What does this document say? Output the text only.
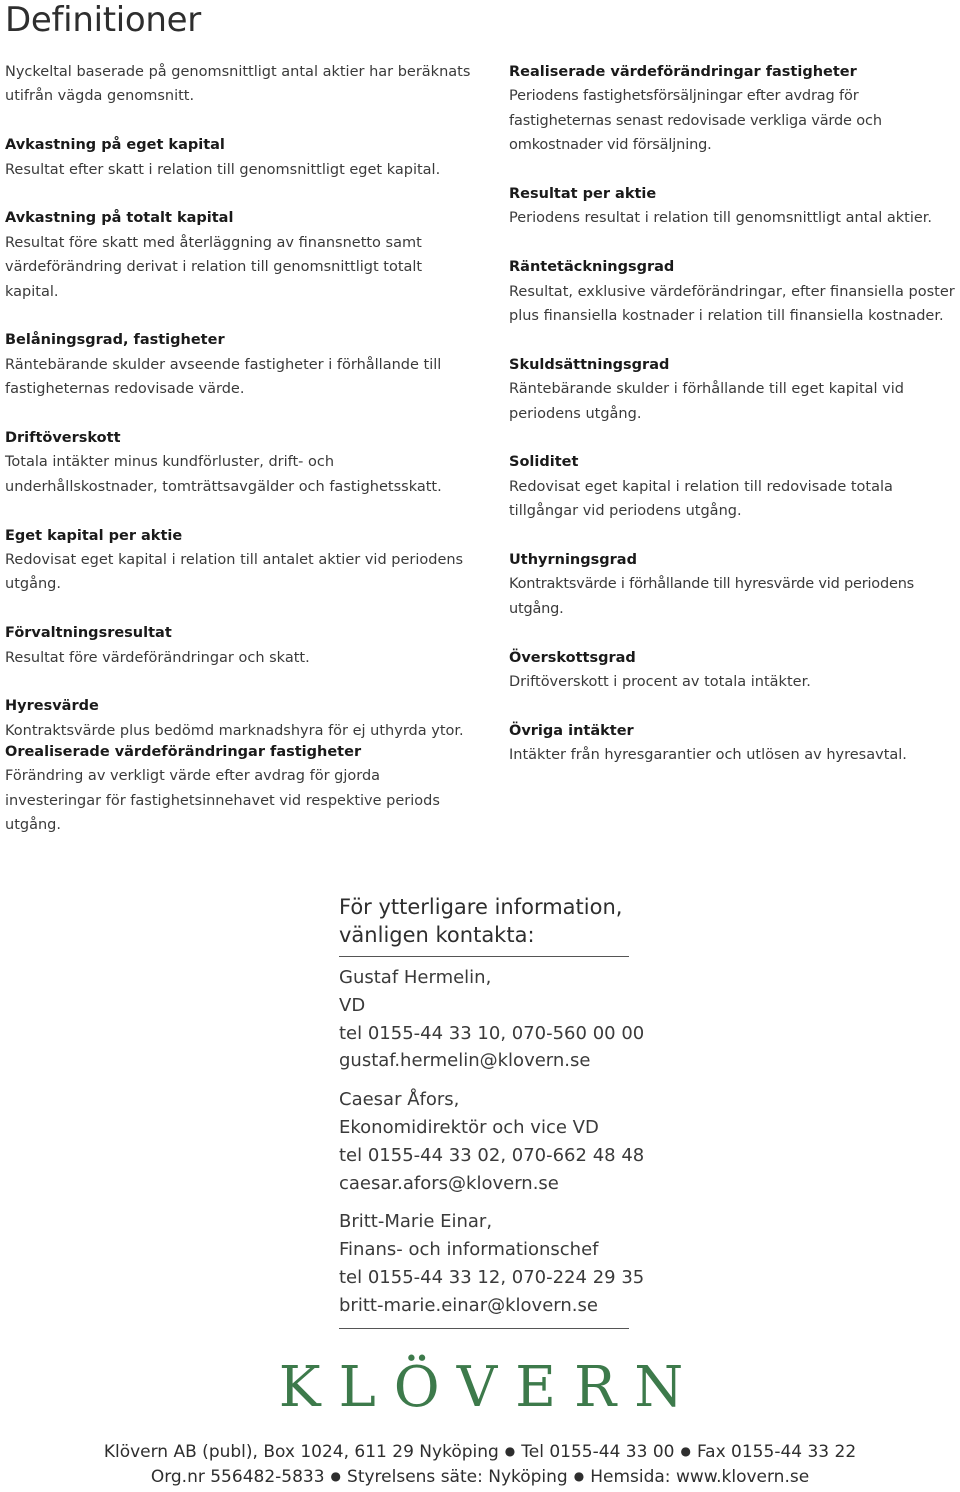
Definitioner

Nyckeltal baserade på genomsnittligt antal aktier har beräknats utifrån vägda genomsnitt.

Avkastning på eget kapital

Resultat efter skatt i relation till genomsnittligt eget kapital.

Avkastning på totalt kapital

Resultat före skatt med återläggning av finansnetto samt värdeförändring derivat i relation till genomsnittligt totalt kapital.

Belåningsgrad, fastigheter

Räntebärande skulder avseende fastigheter i förhållande till fastigheternas redovisade värde.

Driftöverskott

Totala intäkter minus kundförluster, drift- och underhållskostnader, tomträttsavgälder och fastighetsskatt.

Eget kapital per aktie

Redovisat eget kapital i relation till antalet aktier vid periodens utgång.

Förvaltningsresultat

Resultat före värdeförändringar och skatt.

Hyresvärde

Kontraktsvärde plus bedömd marknadshyra för ej uthyrda ytor.

Orealiserade värdeförändringar fastigheter

Förändring av verkligt värde efter avdrag för gjorda investeringar för fastighetsinnehavet vid respektive periods utgång.

Realiserade värdeförändringar fastigheter

Periodens fastighetsförsäljningar efter avdrag för fastigheternas senast redovisade verkliga värde och omkostnader vid försäljning.

Resultat per aktie

Periodens resultat i relation till genomsnittligt antal aktier.

Räntetäckningsgrad

Resultat, exklusive värdeförändringar, efter finansiella poster plus finansiella kostnader i relation till finansiella kostnader.

Skuldsättningsgrad

Räntebärande skulder i förhållande till eget kapital vid periodens utgång.

Soliditet

Redovisat eget kapital i relation till redovisade totala tillgångar vid periodens utgång.

Uthyrningsgrad

Kontraktsvärde i förhållande till hyresvärde vid periodens utgång.

Överskottsgrad

Driftöverskott i procent av totala intäkter.

Övriga intäkter

Intäkter från hyresgarantier och utlösen av hyresavtal.

För ytterligare information,
vänligen kontakta:
Gustaf Hermelin,
VD
tel 0155-44 33 10, 070-560 00 00
gustaf.hermelin@klovern.se
Caesar Åfors,
Ekonomidirektör och vice VD
tel 0155-44 33 02, 070-662 48 48
caesar.afors@klovern.se
Britt-Marie Einar,
Finans- och informationschef
tel 0155-44 33 12, 070-224 29 35
britt-marie.einar@klovern.se
KLÖVERN
Klövern AB (publ), Box 1024, 611 29 Nyköping ● Tel 0155-44 33 00 ● Fax 0155-44 33 22
Org.nr 556482-5833 ● Styrelsens säte: Nyköping ● Hemsida: www.klovern.se
